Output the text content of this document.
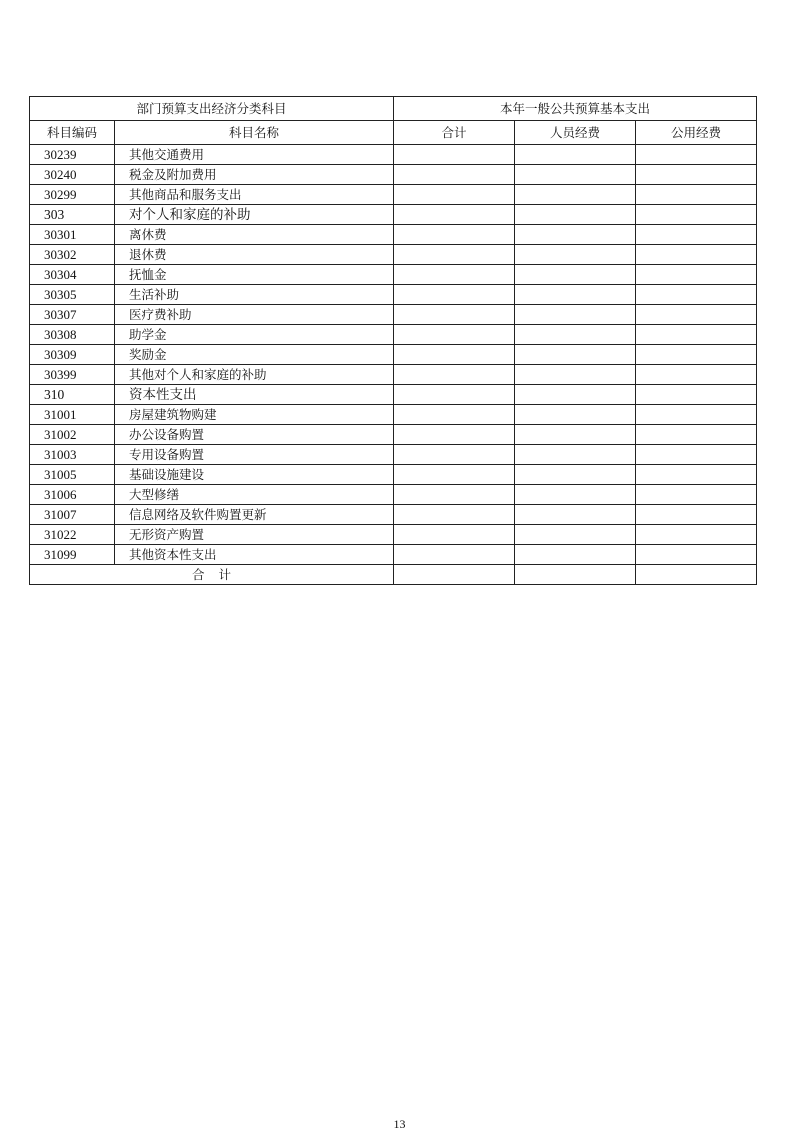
部门预算支出经济分类科目		本年一般公共预算基本支出		
科目编码	科目名称	合计	人员经费	公用经费
30239	其他交通费用			
30240	税金及附加费用			
30299	其他商品和服务支出			
303	对个人和家庭的补助			
30301	离休费			
30302	退休费			
30304	抚恤金			
30305	生活补助			
30307	医疗费补助			
30308	助学金			
30309	奖励金			
30399	其他对个人和家庭的补助			
310	资本性支出			
31001	房屋建筑物购建			
31002	办公设备购置			
31003	专用设备购置			
31005	基础设施建设			
31006	大型修缮			
31007	信息网络及软件购置更新			
31022	无形资产购置			
31099	其他资本性支出			
合计				
13
